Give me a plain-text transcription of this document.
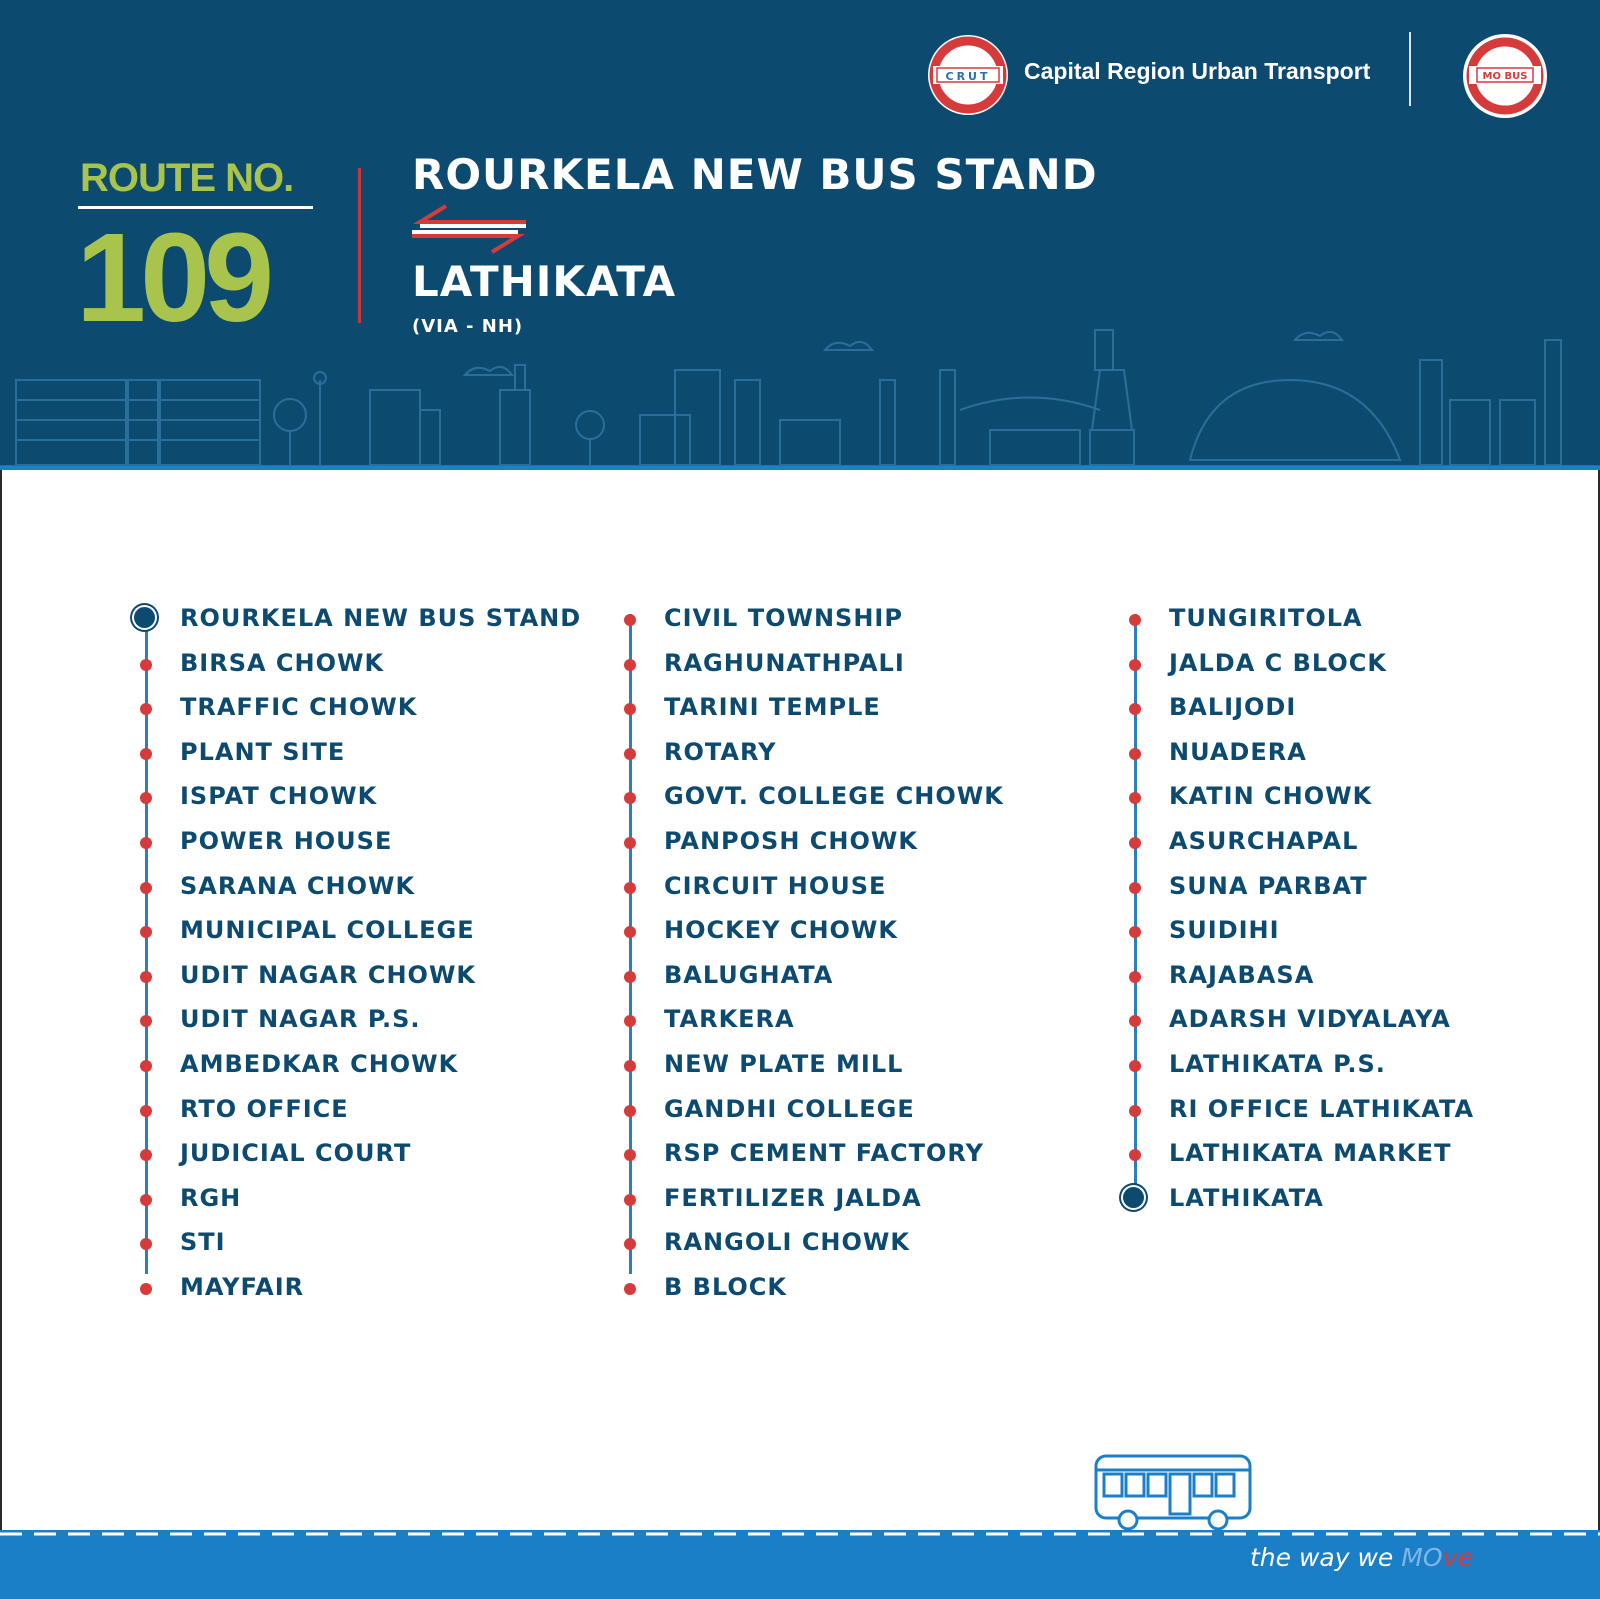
CRUT Capital Region Urban Transport	MO BUS
ROUTE NO.
109
ROURKELA NEW BUS STAND
LATHIKATA
(VIA - NH)
ROURKELA NEW BUS STAND
BIRSA CHOWK
TRAFFIC CHOWK
PLANT SITE
ISPAT CHOWK
POWER HOUSE
SARANA CHOWK
MUNICIPAL COLLEGE
UDIT NAGAR CHOWK
UDIT NAGAR P.S.
AMBEDKAR CHOWK
RTO OFFICE
JUDICIAL COURT
RGH
STI
MAYFAIR
CIVIL TOWNSHIP
RAGHUNATHPALI
TARINI TEMPLE
ROTARY
GOVT. COLLEGE CHOWK
PANPOSH CHOWK
CIRCUIT HOUSE
HOCKEY CHOWK
BALUGHATA
TARKERA
NEW PLATE MILL
GANDHI COLLEGE
RSP CEMENT FACTORY
FERTILIZER JALDA
RANGOLI CHOWK
B BLOCK
TUNGIRITOLA
JALDA C BLOCK
BALIJODI
NUADERA
KATIN CHOWK
ASURCHAPAL
SUNA PARBAT
SUIDIHI
RAJABASA
ADARSH VIDYALAYA
LATHIKATA P.S.
RI OFFICE LATHIKATA
LATHIKATA MARKET
LATHIKATA
the way we MOve
